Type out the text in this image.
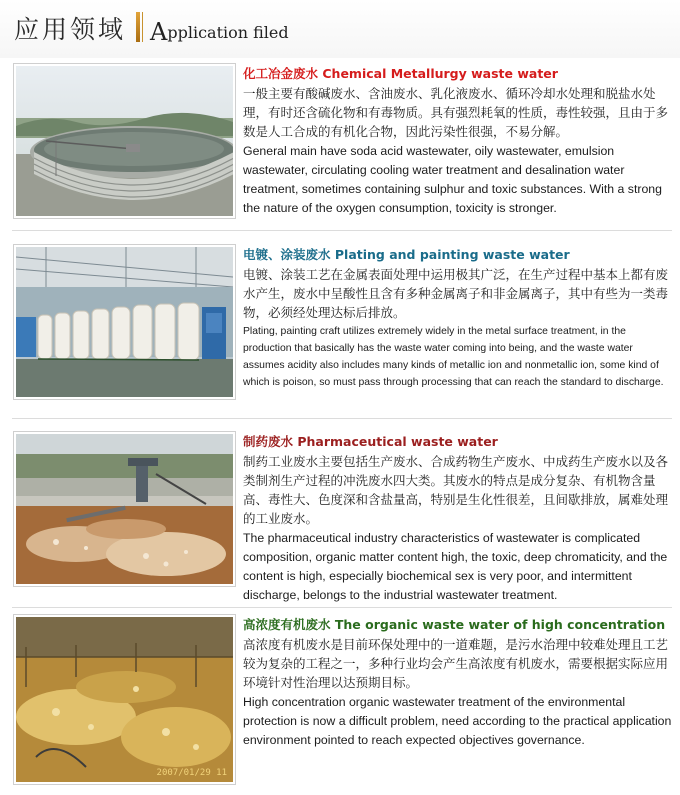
应用领域 Application filed
化工冶金废水 Chemical Metallurgy waste water
一般主要有酸碱废水、含油废水、乳化液废水、循环冷却水处理和脱盐水处理，有时还含硫化物和有毒物质。具有强烈耗氧的性质，毒性较强，且由于多数是人工合成的有机化合物，因此污染性很强，不易分解。
General main have soda acid wastewater, oily wastewater, emulsion wastewater, circulating cooling water treatment and desalination water treatment, sometimes containing sulphur and toxic substances. With a strong the nature of the oxygen consumption, toxicity is stronger.
电镀、涂装废水 Plating and painting waste water
电镀、涂装工艺在金属表面处理中运用极其广泛，在生产过程中基本上都有废水产生，废水中呈酸性且含有多种金属离子和非金属离子，其中有些为一类毒物，必须经处理达标后排放。
Plating, painting craft utilizes extremely widely in the metal surface treatment, in the production that basically has the waste water coming into being, and the waste water assumes acidity also includes many kinds of metallic ion and nonmetallic ion, some kind of which is poison, so must pass through processing that can reach the standard to discharge.
制药废水 Pharmaceutical waste water
制药工业废水主要包括生产废水、合成药物生产废水、中成药生产废水以及各类制剂生产过程的冲洗废水四大类。其废水的特点是成分复杂、有机物含量高、毒性大、色度深和含盐量高，特别是生化性很差，且间歇排放，属难处理的工业废水。
The pharmaceutical industry characteristics of wastewater is complicated composition, organic matter content high, the toxic, deep chromaticity, and the content is high, especially biochemical sex is very poor, and intermittent discharge, belongs to the industrial wastewater treatment.
2007/01/29 11
高浓度有机废水 The organic waste water of high concentration
高浓度有机废水是目前环保处理中的一道难题，是污水治理中较难处理且工艺较为复杂的工程之一，多种行业均会产生高浓度有机废水，需要根据实际应用环境针对性治理以达预期目标。
High concentration organic wastewater treatment of the environmental protection is now a difficult problem, need according to the practical application environment pointed to reach expected objectives governance.
